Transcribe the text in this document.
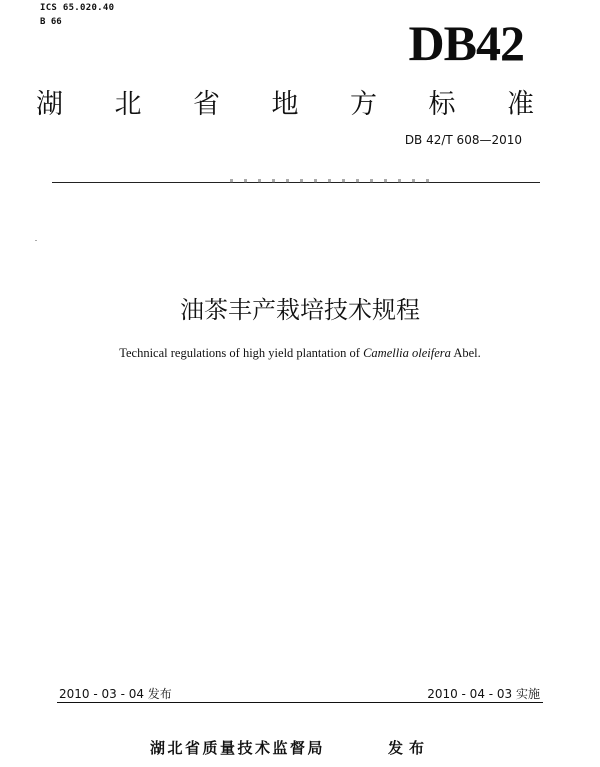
ICS 65.020.40
B 66	DB42
湖 北 省 地 方 标 准
DB 42/T 608—2010
油茶丰产栽培技术规程
Technical regulations of high yield plantation of Camellia oleifera Abel.
2010 - 03 - 04 发布	2010 - 04 - 03 实施
湖北省质量技术监督局	发布
